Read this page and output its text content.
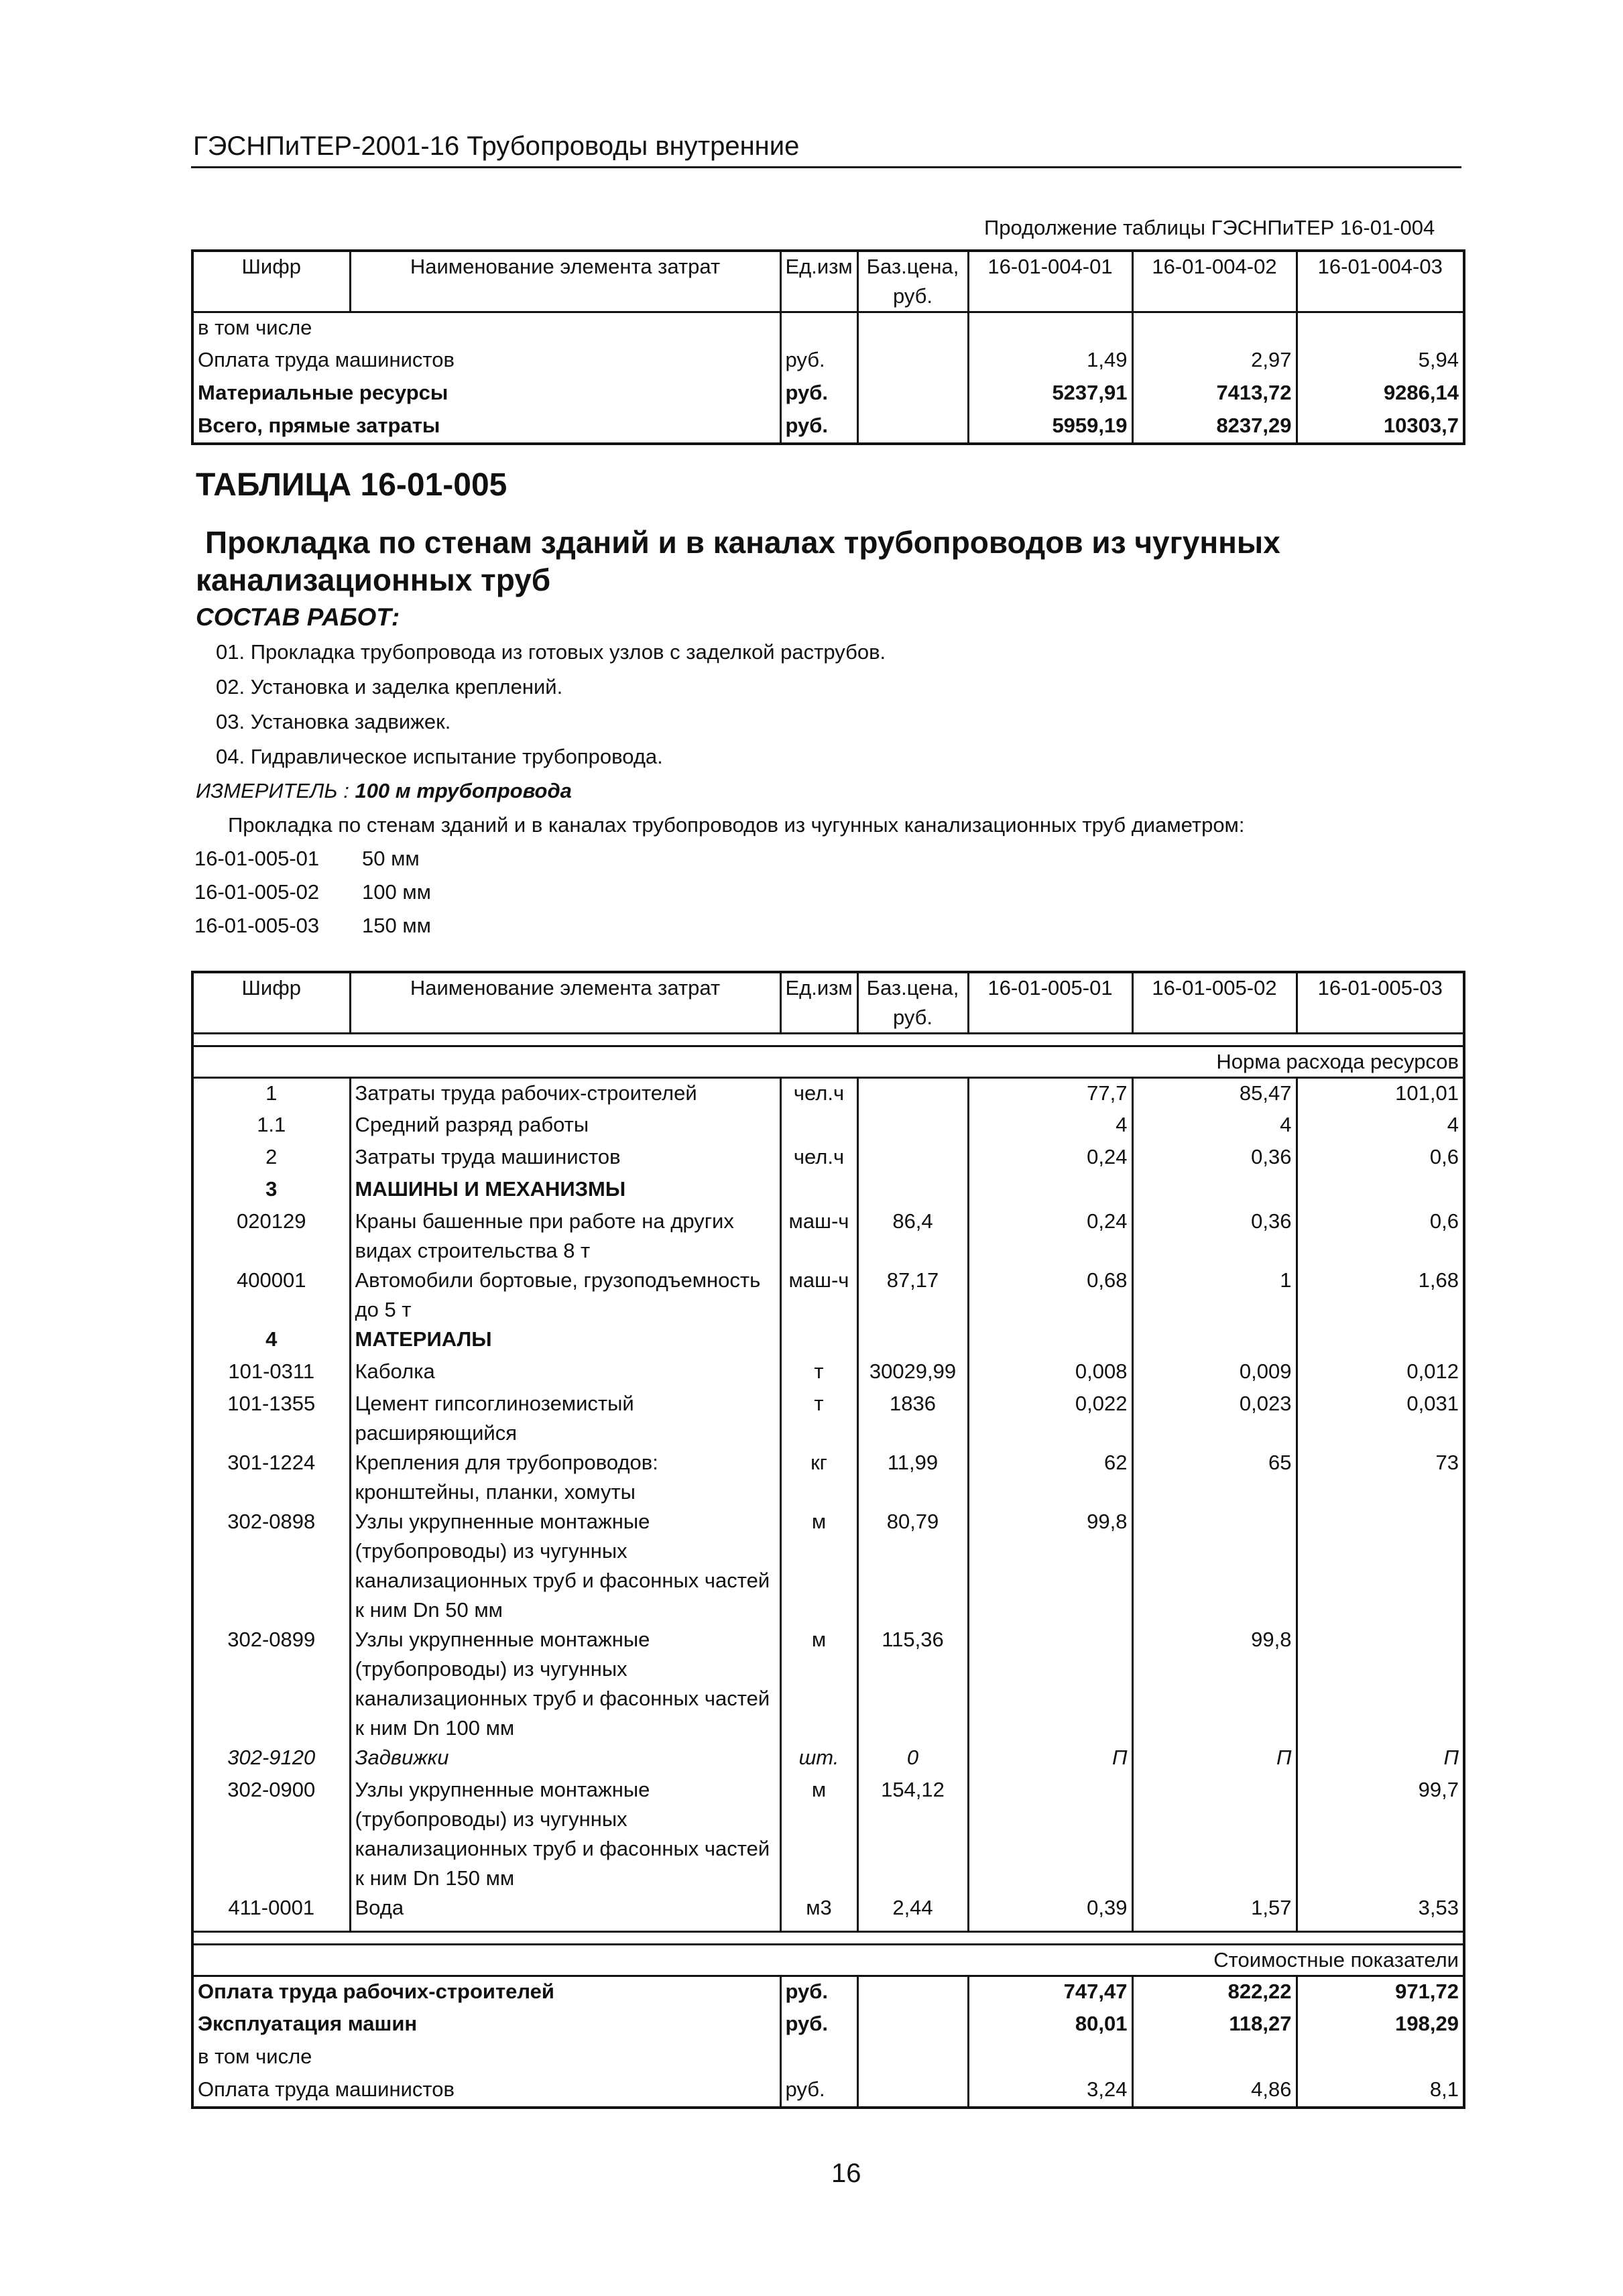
ГЭСНПиТЕР-2001-16 Трубопроводы внутренние
Продолжение таблицы ГЭСНПиТЕР 16-01-004
Шифр	Наименование элемента затрат	Ед.изм	Баз.цена, руб.	16-01-004-01	16-01-004-02	16-01-004-03
в том числе						
Оплата труда машинистов		руб.		1,49	2,97	5,94
Материальные ресурсы		руб.		5237,91	7413,72	9286,14
Всего, прямые затраты		руб.		5959,19	8237,29	10303,7
ТАБЛИЦА 16-01-005
Прокладка по стенам зданий и в каналах трубопроводов из чугунных
канализационных труб
СОСТАВ РАБОТ:
01. Прокладка трубопровода из готовых узлов с заделкой раструбов.
02. Установка и заделка креплений.
03. Установка задвижек.
04. Гидравлическое испытание трубопровода.
ИЗМЕРИТЕЛЬ : 100 м трубопровода
Прокладка по стенам зданий и в каналах трубопроводов из чугунных канализационных труб диаметром:
16-01-005-01 50 мм
16-01-005-02 100 мм
16-01-005-03 150 мм
Шифр	Наименование элемента затрат	Ед.изм	Баз.цена, руб.	16-01-005-01	16-01-005-02	16-01-005-03

Норма расхода ресурсов						
1	Затраты труда рабочих-строителей	чел.ч		77,7	85,47	101,01
1.1	Средний разряд работы			4	4	4
2	Затраты труда машинистов	чел.ч		0,24	0,36	0,6
3	МАШИНЫ И МЕХАНИЗМЫ					
020129	Краны башенные при работе на других видах строительства 8 т	маш-ч	86,4	0,24	0,36	0,6
400001	Автомобили бортовые, грузоподъемность до 5 т	маш-ч	87,17	0,68	1	1,68
4	МАТЕРИАЛЫ					
101-0311	Каболка	т	30029,99	0,008	0,009	0,012
101-1355	Цемент гипсоглиноземистый расширяющийся	т	1836	0,022	0,023	0,031
301-1224	Крепления для трубопроводов: кронштейны, планки, хомуты	кг	11,99	62	65	73
302-0898	Узлы укрупненные монтажные (трубопроводы) из чугунных канализационных труб и фасонных частей к ним Dn 50 мм	м	80,79	99,8		
302-0899	Узлы укрупненные монтажные (трубопроводы) из чугунных канализационных труб и фасонных частей к ним Dn 100 мм	м	115,36		99,8	
302-9120	Задвижки	шт.	0	П	П	П
302-0900	Узлы укрупненные монтажные (трубопроводы) из чугунных канализационных труб и фасонных частей к ним Dn 150 мм	м	154,12			99,7
411-0001	Вода	м3	2,44	0,39	1,57	3,53

Стоимостные показатели						
Оплата труда рабочих-строителей		руб.		747,47	822,22	971,72
Эксплуатация машин		руб.		80,01	118,27	198,29
в том числе						
Оплата труда машинистов		руб.		3,24	4,86	8,1
16
